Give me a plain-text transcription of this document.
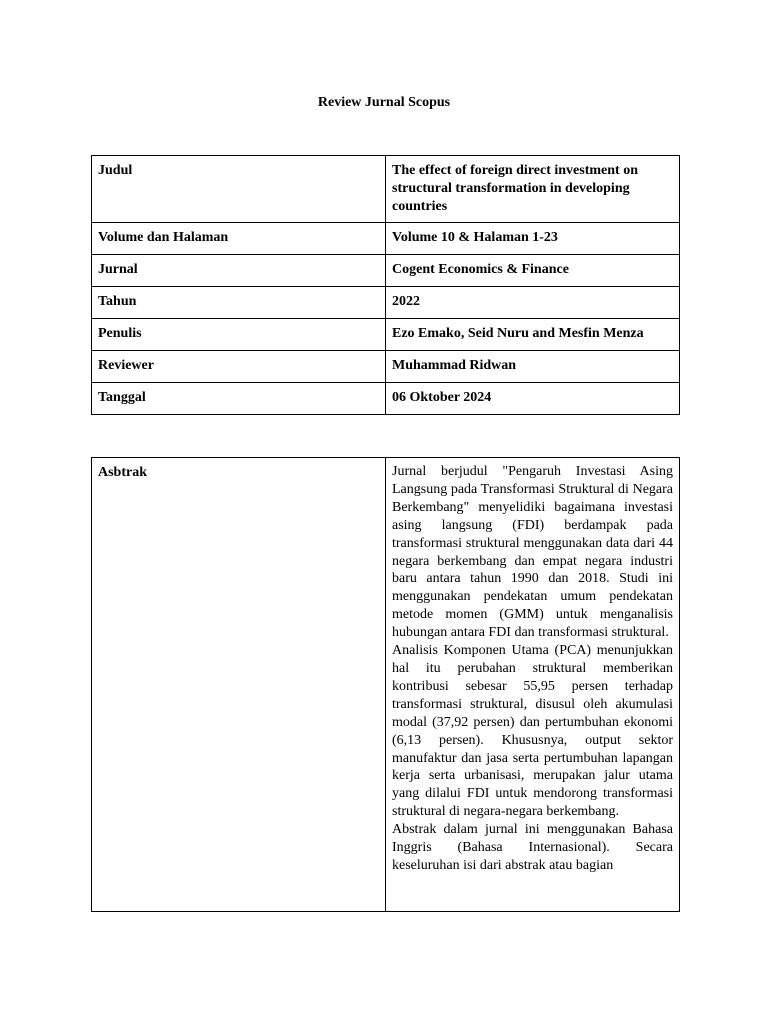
Review Jurnal Scopus
Judul	The effect of foreign direct investment on structural transformation in developing countries
Volume dan Halaman	Volume 10 & Halaman 1-23
Jurnal	Cogent Economics & Finance
Tahun	2022
Penulis	Ezo Emako, Seid Nuru and Mesfin Menza
Reviewer	Muhammad Ridwan
Tanggal	06 Oktober 2024
Asbtrak	Jurnal berjudul "Pengaruh Investasi Asing Langsung pada Transformasi Struktural di Negara Berkembang" menyelidiki bagaimana investasi asing langsung (FDI) berdampak pada transformasi struktural menggunakan data dari 44 negara berkembang dan empat negara industri baru antara tahun 1990 dan 2018. Studi ini menggunakan pendekatan umum pendekatan metode momen (GMM) untuk menganalisis hubungan antara FDI dan transformasi struktural.

Analisis Komponen Utama (PCA) menunjukkan hal itu perubahan struktural memberikan kontribusi sebesar 55,95 persen terhadap transformasi struktural, disusul oleh akumulasi modal (37,92 persen) dan pertumbuhan ekonomi (6,13 persen). Khususnya, output sektor manufaktur dan jasa serta pertumbuhan lapangan kerja serta urbanisasi, merupakan jalur utama yang dilalui FDI untuk mendorong transformasi struktural di negara-negara berkembang.

Abstrak dalam jurnal ini menggunakan Bahasa Inggris (Bahasa Internasional). Secara keseluruhan isi dari abstrak atau bagian
